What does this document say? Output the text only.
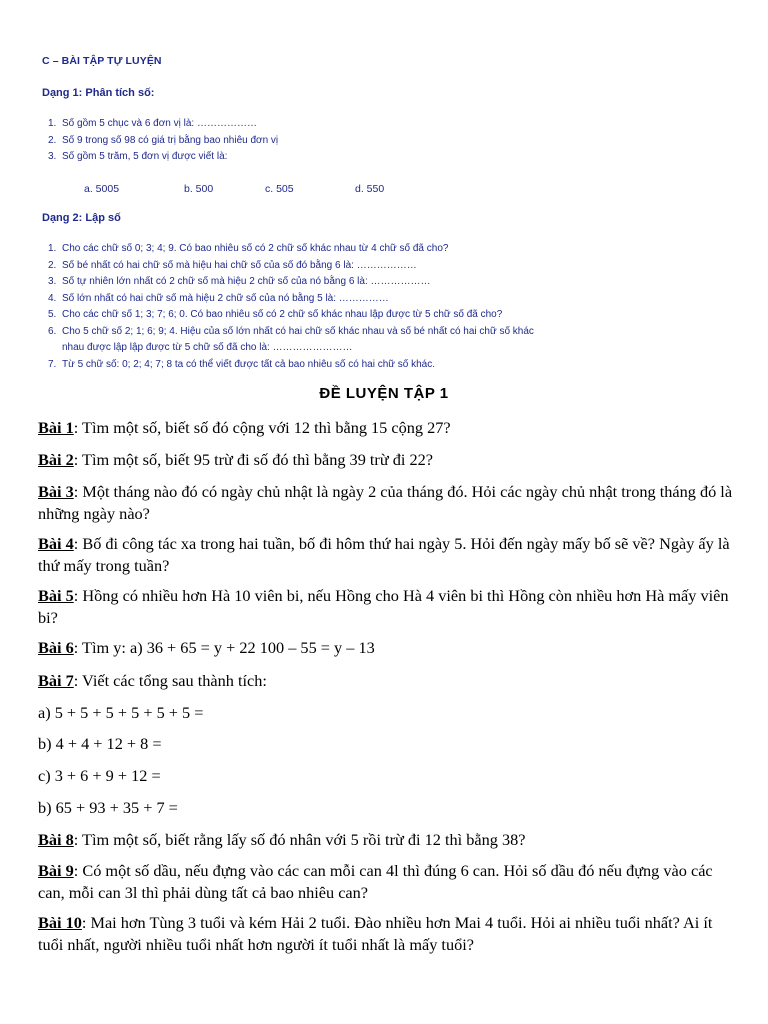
C – BÀI TẬP TỰ LUYỆN
Dạng 1: Phân tích số:
1. Số gồm 5 chục và 6 đơn vị là: ………………
2. Số 9 trong số 98 có giá trị bằng bao nhiêu đơn vị
3. Số gồm 5 trăm, 5 đơn vị được viết là:
a. 5005	b. 500	c. 505	d. 550
Dạng 2: Lập số
1. Cho các chữ số 0; 3; 4; 9. Có bao nhiêu số có 2 chữ số khác nhau từ 4 chữ số đã cho?
2. Số bé nhất có hai chữ số mà hiệu hai chữ số của số đó bằng 6 là: ………………
3. Số tự nhiên lớn nhất có 2 chữ số mà hiệu 2 chữ số của nó bằng 6 là: ………………
4. Số lớn nhất có hai chữ số mà hiệu 2 chữ số của nó bằng 5 là: ……………
5. Cho các chữ số 1; 3; 7; 6; 0. Có bao nhiêu số có 2 chữ số khác nhau lập được từ 5 chữ số đã cho?
6. Cho 5 chữ số 2; 1; 6; 9; 4. Hiệu của số lớn nhất có hai chữ số khác nhau và số bé nhất có hai chữ số khác
nhau được lập lập được từ 5 chữ số đã cho là: ……………………
7. Từ 5 chữ số: 0; 2; 4; 7; 8 ta có thể viết được tất cả bao nhiêu số có hai chữ số khác.
ĐỀ LUYỆN TẬP 1

Bài 1: Tìm một số, biết số đó cộng với 12 thì bằng 15 cộng 27?

Bài 2: Tìm một số, biết 95 trừ đi số đó thì bằng 39 trừ đi 22?

Bài 3: Một tháng nào đó có ngày chủ nhật là ngày 2 của tháng đó. Hỏi các ngày chủ nhật trong tháng đó là những ngày nào?

Bài 4: Bố đi công tác xa trong hai tuần, bố đi hôm thứ hai ngày 5. Hỏi đến ngày mấy bố sẽ về? Ngày ấy là thứ mấy trong tuần?

Bài 5: Hồng có nhiều hơn Hà 10 viên bi, nếu Hồng cho Hà 4 viên bi thì Hồng còn nhiều hơn Hà mấy viên bi?

Bài 6: Tìm y: a) 36 + 65 = y + 22 100 – 55 = y – 13

Bài 7: Viết các tổng sau thành tích:

a) 5 + 5 + 5 + 5 + 5 + 5 =

b) 4 + 4 + 12 + 8 =

c) 3 + 6 + 9 + 12 =

b) 65 + 93 + 35 + 7 =

Bài 8: Tìm một số, biết rằng lấy số đó nhân với 5 rồi trừ đi 12 thì bằng 38?

Bài 9: Có một số dầu, nếu đựng vào các can mỗi can 4l thì đúng 6 can. Hỏi số dầu đó nếu đựng vào các can, mỗi can 3l thì phải dùng tất cả bao nhiêu can?

Bài 10: Mai hơn Tùng 3 tuổi và kém Hải 2 tuổi. Đào nhiều hơn Mai 4 tuổi. Hỏi ai nhiều tuổi nhất? Ai ít tuổi nhất, người nhiều tuổi nhất hơn người ít tuổi nhất là mấy tuổi?
